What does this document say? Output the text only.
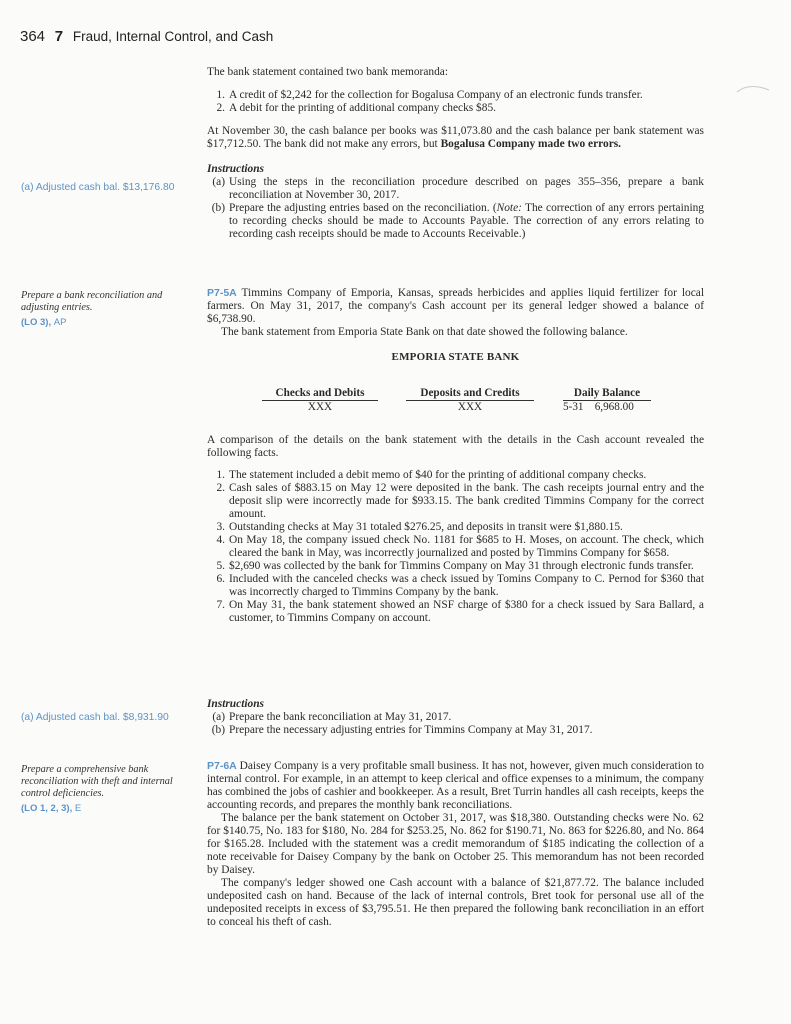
364 7 Fraud, Internal Control, and Cash
(a) Adjusted cash bal. $13,176.80
Prepare a bank reconciliation and adjusting entries.
(LO 3), AP
(a) Adjusted cash bal. $8,931.90
Prepare a comprehensive bank reconciliation with theft and internal control deficiencies.
(LO 1, 2, 3), E

The bank statement contained two bank memoranda:

1. A credit of $2,242 for the collection for Bogalusa Company of an electronic funds transfer.
2. A debit for the printing of additional company checks $85.

At November 30, the cash balance per books was $11,073.80 and the cash balance per bank statement was $17,712.50. The bank did not make any errors, but Bogalusa Company made two errors.

Instructions

(a) Using the steps in the reconciliation procedure described on pages 355–356, prepare a bank reconciliation at November 30, 2017.
(b) Prepare the adjusting entries based on the reconciliation. (Note: The correction of any errors pertaining to recording checks should be made to Accounts Payable. The correction of any errors relating to recording cash receipts should be made to Accounts Receivable.)

P7-5A Timmins Company of Emporia, Kansas, spreads herbicides and applies liquid fertilizer for local farmers. On May 31, 2017, the company's Cash account per its general ledger showed a balance of $6,738.90.

The bank statement from Emporia State Bank on that date showed the following balance.

EMPORIA STATE BANK

Checks and Debits
XXX
Deposits and Credits
XXX
Daily Balance
5-31    6,968.00

A comparison of the details on the bank statement with the details in the Cash account revealed the following facts.

1. The statement included a debit memo of $40 for the printing of additional company checks.
2. Cash sales of $883.15 on May 12 were deposited in the bank. The cash receipts journal entry and the deposit slip were incorrectly made for $933.15. The bank credited Timmins Company for the correct amount.
3. Outstanding checks at May 31 totaled $276.25, and deposits in transit were $1,880.15.
4. On May 18, the company issued check No. 1181 for $685 to H. Moses, on account. The check, which cleared the bank in May, was incorrectly journalized and posted by Timmins Company for $658.
5. $2,690 was collected by the bank for Timmins Company on May 31 through electronic funds transfer.
6. Included with the canceled checks was a check issued by Tomins Company to C. Pernod for $360 that was incorrectly charged to Timmins Company by the bank.
7. On May 31, the bank statement showed an NSF charge of $380 for a check issued by Sara Ballard, a customer, to Timmins Company on account.

Instructions

(a) Prepare the bank reconciliation at May 31, 2017.
(b) Prepare the necessary adjusting entries for Timmins Company at May 31, 2017.

P7-6A Daisey Company is a very profitable small business. It has not, however, given much consideration to internal control. For example, in an attempt to keep clerical and office expenses to a minimum, the company has combined the jobs of cashier and bookkeeper. As a result, Bret Turrin handles all cash receipts, keeps the accounting records, and prepares the monthly bank reconciliations.

The balance per the bank statement on October 31, 2017, was $18,380. Outstanding checks were No. 62 for $140.75, No. 183 for $180, No. 284 for $253.25, No. 862 for $190.71, No. 863 for $226.80, and No. 864 for $165.28. Included with the statement was a credit memorandum of $185 indicating the collection of a note receivable for Daisey Company by the bank on October 25. This memorandum has not been recorded by Daisey.

The company's ledger showed one Cash account with a balance of $21,877.72. The balance included undeposited cash on hand. Because of the lack of internal controls, Bret took for personal use all of the undeposited receipts in excess of $3,795.51. He then prepared the following bank reconciliation in an effort to conceal his theft of cash.
